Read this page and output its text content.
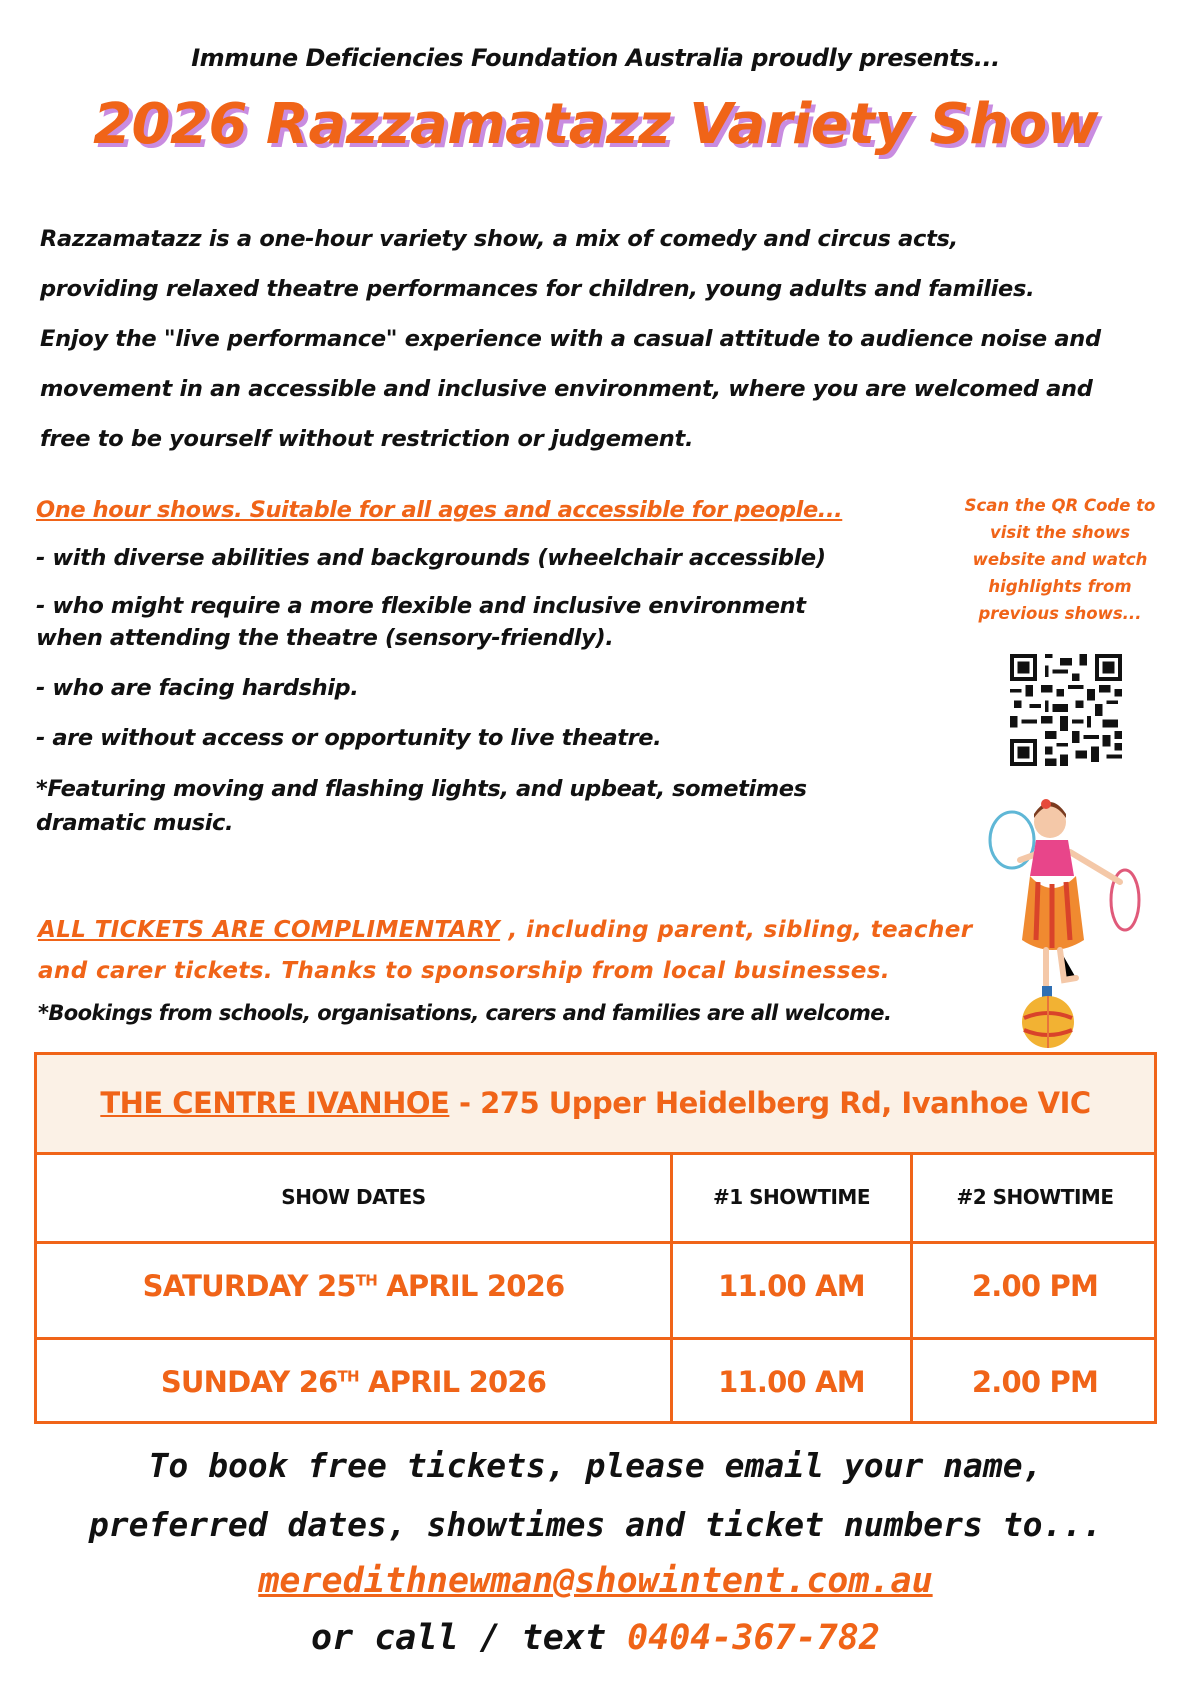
Immune Deficiencies Foundation Australia proudly presents...
2026 Razzamatazz Variety Show

Razzamatazz is a one-hour variety show, a mix of comedy and circus acts,

providing relaxed theatre performances for children, young adults and families.

Enjoy the "live performance" experience with a casual attitude to audience noise and

movement in an accessible and inclusive environment, where you are welcomed and

free to be yourself without restriction or judgement.

One hour shows. Suitable for all ages and accessible for people...

- with diverse abilities and backgrounds (wheelchair accessible)

- who might require a more flexible and inclusive environment

when attending the theatre (sensory-friendly).

- who are facing hardship.

- are without access or opportunity to live theatre.

*Featuring moving and flashing lights, and upbeat, sometimes

dramatic music.

Scan the QR Code to visit the shows website and watch highlights from previous shows...

ALL TICKETS ARE COMPLIMENTARY , including parent, sibling, teacher

and carer tickets. Thanks to sponsorship from local businesses.

*Bookings from schools, organisations, carers and families are all welcome.
THE CENTRE IVANHOE - 275 Upper Heidelberg Rd, Ivanhoe VIC
SHOW DATES	#1 SHOWTIME	#2 SHOWTIME
SATURDAY 25TH APRIL 2026	11.00 AM	2.00 PM
SUNDAY 26TH APRIL 2026	11.00 AM	2.00 PM
To book free tickets, please email your name,
preferred dates, showtimes and ticket numbers to...
meredithnewman@showintent.com.au
or call / text 0404-367-782
